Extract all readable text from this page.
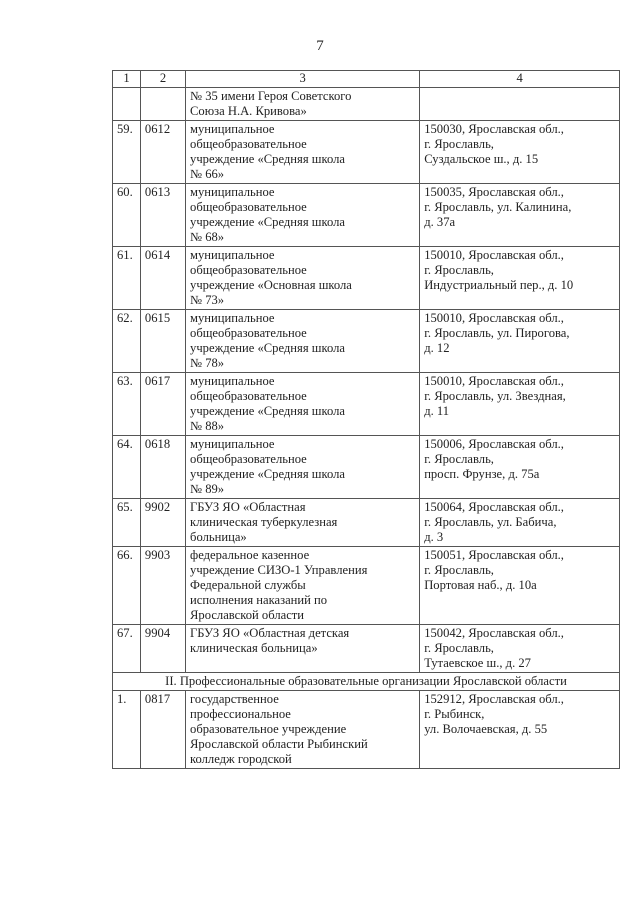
7
1	2	3	4
		№ 35 имени Героя Советского
Союза Н.А. Кривова»	
59.	0612	муниципальное
общеобразовательное
учреждение «Средняя школа
№ 66»	150030, Ярославская обл.,
г. Ярославль,
Суздальское ш., д. 15
60.	0613	муниципальное
общеобразовательное
учреждение «Средняя школа
№ 68»	150035, Ярославская обл.,
г. Ярославль, ул. Калинина,
д. 37а
61.	0614	муниципальное
общеобразовательное
учреждение «Основная школа
№ 73»	150010, Ярославская обл.,
г. Ярославль,
Индустриальный пер., д. 10
62.	0615	муниципальное
общеобразовательное
учреждение «Средняя школа
№ 78»	150010, Ярославская обл.,
г. Ярославль, ул. Пирогова,
д. 12
63.	0617	муниципальное
общеобразовательное
учреждение «Средняя школа
№ 88»	150010, Ярославская обл.,
г. Ярославль, ул. Звездная,
д. 11
64.	0618	муниципальное
общеобразовательное
учреждение «Средняя школа
№ 89»	150006, Ярославская обл.,
г. Ярославль,
просп. Фрунзе, д. 75а
65.	9902	ГБУЗ ЯО «Областная
клиническая туберкулезная
больница»	150064, Ярославская обл.,
г. Ярославль, ул. Бабича,
д. 3
66.	9903	федеральное казенное
учреждение СИЗО-1 Управления
Федеральной службы
исполнения наказаний по
Ярославской области	150051, Ярославская обл.,
г. Ярославль,
Портовая наб., д. 10а
67.	9904	ГБУЗ ЯО «Областная детская
клиническая больница»	150042, Ярославская обл.,
г. Ярославль,
Тутаевское ш., д. 27
II. Профессиональные образовательные организации Ярославской области			
1.	0817	государственное
профессиональное
образовательное учреждение
Ярославской области Рыбинский
колледж городской	152912, Ярославская обл.,
г. Рыбинск,
ул. Волочаевская, д. 55
